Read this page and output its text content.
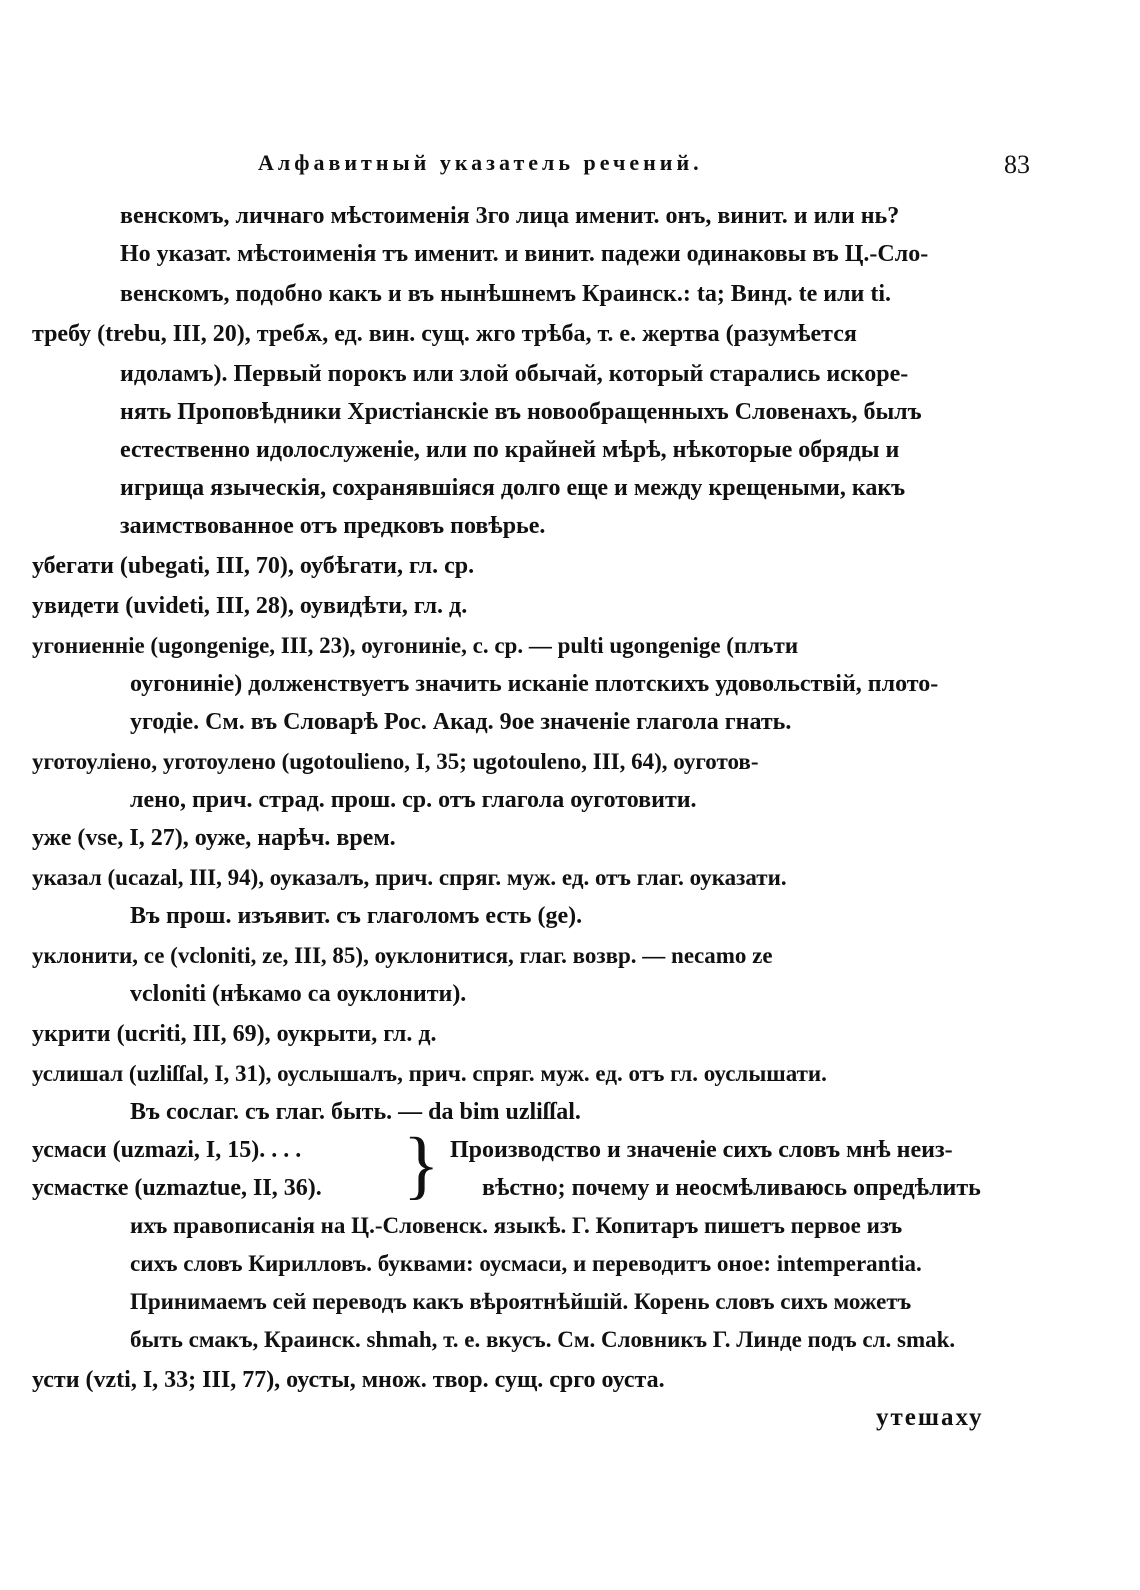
Алфавитный указатель речений.	83
венскомъ, личнаго мѣстоименія 3го лица именит. онъ, винит. и или нь?
Но указат. мѣстоименія тъ именит. и винит. падежи одинаковы въ Ц.-Сло-
венскомъ, подобно какъ и въ нынѣшнемъ Краинск.: ta; Винд. te или ti.
требу (trebu, III, 20), требѫ, ед. вин. сущ. жго трѣба, т. е. жертва (разумѣется
идоламъ). Первый порокъ или злой обычай, который старались искоре-
нять Проповѣдники Христіанскіе въ новообращенныхъ Словенахъ, былъ
естественно идолослуженіе, или по крайней мѣрѣ, нѣкоторые обряды и
игрища языческія, сохранявшіяся долго еще и между крещеными, какъ
заимствованное отъ предковъ повѣрье.
убегати (ubegati, III, 70), оубѣгати, гл. ср.
увидети (uvideti, III, 28), оувидѣти, гл. д.
угониенніе (ugongenige, III, 23), оугониніе, с. ср. — pulti ugongenige (плъти
оугониніе) долженствуетъ значить исканіе плотскихъ удовольствій, плото-
угодіе. См. въ Словарѣ Рос. Акад. 9ое значеніе глагола гнать.
уготоуліено, уготоулено (ugotoulieno, I, 35; ugotoulenо, III, 64), оуготов-
лено, прич. страд. прош. ср. отъ глагола оуготовити.
уже (vse, I, 27), оуже, нарѣч. врем.
указал (ucazal, III, 94), оуказалъ, прич. спряг. муж. ед. отъ глаг. оуказати.
Въ прош. изъявит. съ глаголомъ есть (ge).
уклонити, се (vcloniti, ze, III, 85), оуклонитися, глаг. возвр. — necamo ze
vcloniti (нѣкамо са оуклонити).
укрити (ucriti, III, 69), оукрыти, гл. д.
услишал (uzliſſal, I, 31), оуслышалъ, прич. спряг. муж. ед. отъ гл. оуслышати.
Въ сослаг. съ глаг. быть. — da bim uzliſſal.
усмаси (uzmazi, I, 15). . . .	Производство и значеніе сихъ словъ мнѣ неиз-
}
усмастке (uzmaztue, II, 36).	вѣстно; почему и неосмѣливаюсь опредѣлить
ихъ правописанія на Ц.-Словенск. языкѣ. Г. Копитаръ пишетъ первое изъ
сихъ словъ Кирилловъ. буквами: оусмаси, и переводитъ оное: intemperantia.
Принимаемъ сей переводъ какъ вѣроятнѣйшій. Корень словъ сихъ можетъ
быть смакъ, Краинск. shmah, т. е. вкусъ. См. Словникъ Г. Линде подъ сл. smak.
усти (vzti, I, 33; III, 77), оусты, множ. твор. сущ. срго оуста.
утешаху
